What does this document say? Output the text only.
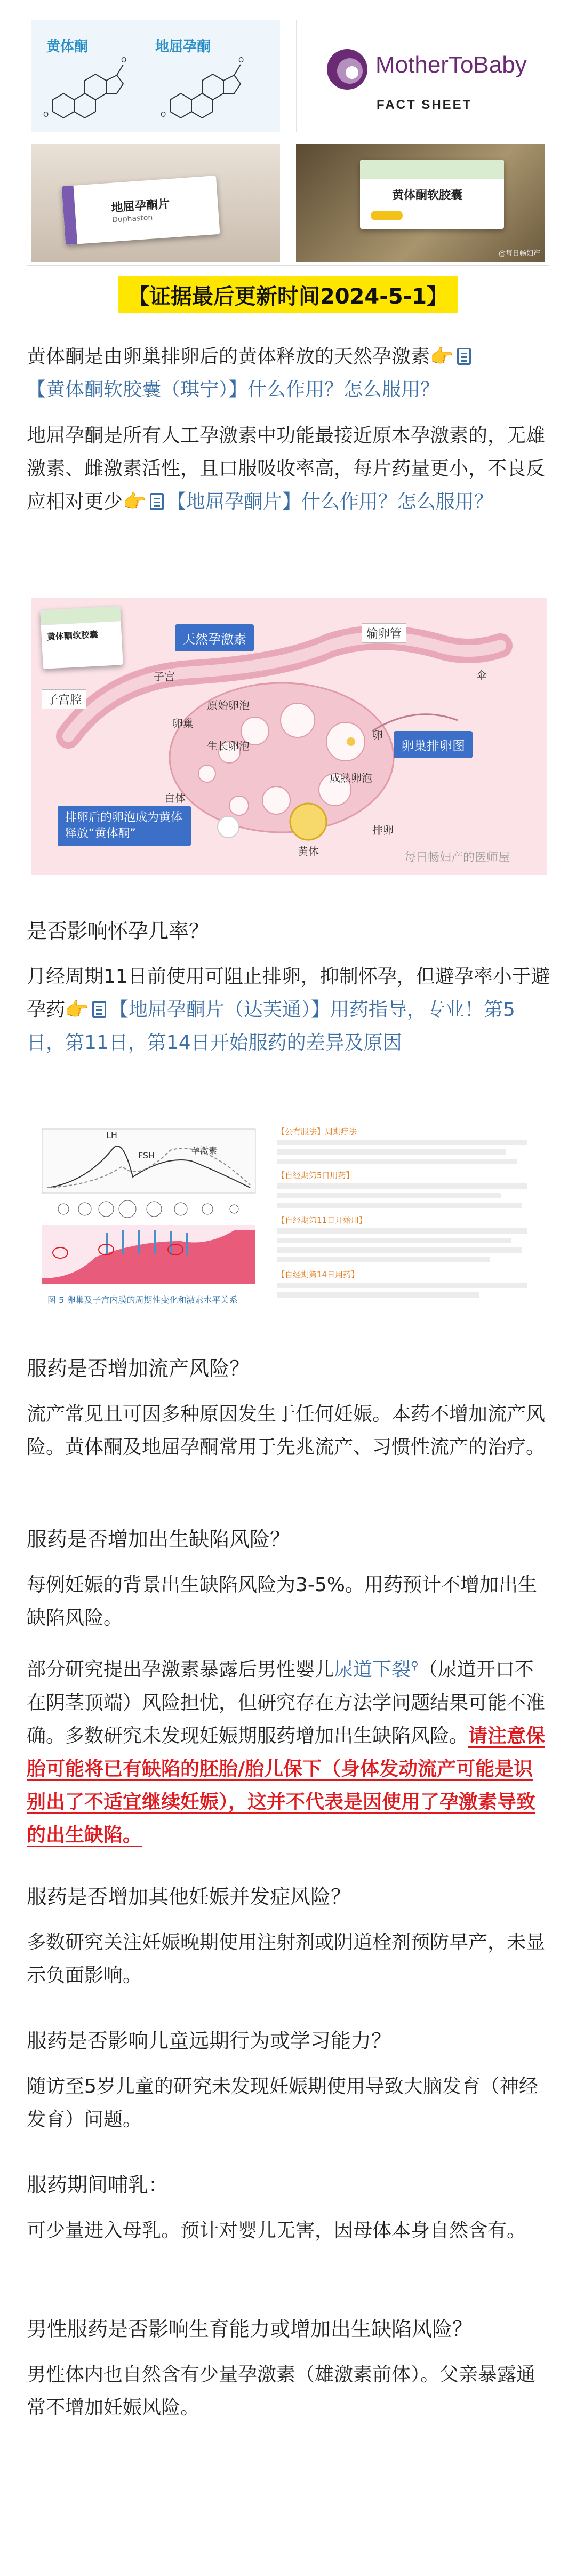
黄体酮	地屈孕酮
O
O
O
O	MotherToBaby
FACT SHEET
地屈孕酮片
Duphaston
黄体酮软胶囊
@每日畅妇产
【证据最后更新时间2024-5-1】
黄体酮是由卵巢排卵后的黄体释放的天然孕激素👉
【黄体酮软胶囊（琪宁）】什么作用？怎么服用？
地屈孕酮是所有人工孕激素中功能最接近原本孕激素的，无雄激素、雌激素活性，且口服吸收率高，每片药量更小，不良反应相对更少👉 【地屈孕酮片】什么作用？怎么服用？
黄体酮软胶囊	天然孕激素
子宫腔
子宫
输卵管
伞
卵巢
原始卵泡
生长卵泡	卵巢排卵图
白体
成熟卵泡
卵
黄体
排卵
排卵后的卵泡成为黄体释放“黄体酮”
每日畅妇产的医师屋
是否影响怀孕几率？
月经周期11日前使用可阻止排卵，抑制怀孕，但避孕率小于避孕药👉 【地屈孕酮片（达芙通）】用药指导，专业！第5日，第11日，第14日开始服药的差异及原因
LH
FSH	孕激素
图 5 卵巢及子宫内膜的周期性变化和激素水平关系
【公有服法】周期疗法
【自经期第5日用药】
【自经期第11日开始用】
【自经期第14日用药】
服药是否增加流产风险？
流产常见且可因多种原因发生于任何妊娠。本药不增加流产风险。黄体酮及地屈孕酮常用于先兆流产、习惯性流产的治疗。
服药是否增加出生缺陷风险？
每例妊娠的背景出生缺陷风险为3-5%。用药预计不增加出生缺陷风险。
部分研究提出孕激素暴露后男性婴儿尿道下裂⚲（尿道开口不在阴茎顶端）风险担忧，但研究存在方法学问题结果可能不准确。多数研究未发现妊娠期服药增加出生缺陷风险。请注意保胎可能将已有缺陷的胚胎/胎儿保下（身体发动流产可能是识别出了不适宜继续妊娠），这并不代表是因使用了孕激素导致的出生缺陷。
服药是否增加其他妊娠并发症风险？
多数研究关注妊娠晚期使用注射剂或阴道栓剂预防早产，未显示负面影响。
服药是否影响儿童远期行为或学习能力？
随访至5岁儿童的研究未发现妊娠期使用导致大脑发育（神经发育）问题。
服药期间哺乳：
可少量进入母乳。预计对婴儿无害，因母体本身自然含有。
男性服药是否影响生育能力或增加出生缺陷风险？
男性体内也自然含有少量孕激素（雄激素前体）。父亲暴露通常不增加妊娠风险。
